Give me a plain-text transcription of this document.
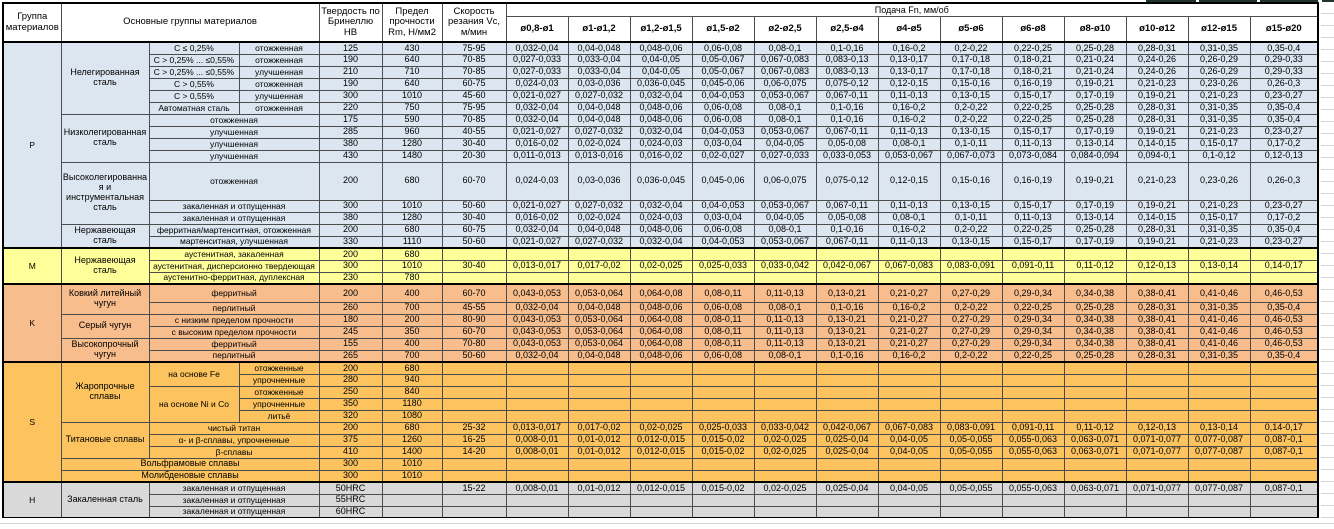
Группа материалов	Основные группы материалов			Твердость по Бринеллю HB	Предел прочности Rm, Н/мм2	Скорость резания Vc, м/мин	Подача Fn, мм/об												
							ø0,8-ø1	ø1-ø1,2	ø1,2-ø1,5	ø1,5-ø2	ø2-ø2,5	ø2,5-ø4	ø4-ø5	ø5-ø6	ø6-ø8	ø8-ø10	ø10-ø12	ø12-ø15	ø15-ø20
P	Нелегированная сталь	С ≤ 0,25%	отожженная	125	430	75-95	0,032-0,04	0,04-0,048	0,048-0,06	0,06-0,08	0,08-0,1	0,1-0,16	0,16-0,2	0,2-0,22	0,22-0,25	0,25-0,28	0,28-0,31	0,31-0,35	0,35-0,4
		С > 0,25% ... ≤0,55%	отожженная	190	640	70-85	0,027-0,033	0,033-0,04	0,04-0,05	0,05-0,067	0,067-0,083	0,083-0,13	0,13-0,17	0,17-0,18	0,18-0,21	0,21-0,24	0,24-0,26	0,26-0,29	0,29-0,33
		С > 0,25% ... ≤0,55%	улучшенная	210	710	70-85	0,027-0,033	0,033-0,04	0,04-0,05	0,05-0,067	0,067-0,083	0,083-0,13	0,13-0,17	0,17-0,18	0,18-0,21	0,21-0,24	0,24-0,26	0,26-0,29	0,29-0,33
		С > 0,55%	отожженная	190	640	60-75	0,024-0,03	0,03-0,036	0,036-0,045	0,045-0,06	0,06-0,075	0,075-0,12	0,12-0,15	0,15-0,16	0,16-0,19	0,19-0,21	0,21-0,23	0,23-0,26	0,26-0,3
		С > 0,55%	улучшенная	300	1010	45-60	0,021-0,027	0,027-0,032	0,032-0,04	0,04-0,053	0,053-0,067	0,067-0,11	0,11-0,13	0,13-0,15	0,15-0,17	0,17-0,19	0,19-0,21	0,21-0,23	0,23-0,27
		Автоматная сталь	отожженная	220	750	75-95	0,032-0,04	0,04-0,048	0,048-0,06	0,06-0,08	0,08-0,1	0,1-0,16	0,16-0,2	0,2-0,22	0,22-0,25	0,25-0,28	0,28-0,31	0,31-0,35	0,35-0,4
	Низколегированная сталь	отожженная		175	590	70-85	0,032-0,04	0,04-0,048	0,048-0,06	0,06-0,08	0,08-0,1	0,1-0,16	0,16-0,2	0,2-0,22	0,22-0,25	0,25-0,28	0,28-0,31	0,31-0,35	0,35-0,4
		улучшенная		285	960	40-55	0,021-0,027	0,027-0,032	0,032-0,04	0,04-0,053	0,053-0,067	0,067-0,11	0,11-0,13	0,13-0,15	0,15-0,17	0,17-0,19	0,19-0,21	0,21-0,23	0,23-0,27
		улучшенная		380	1280	30-40	0,016-0,02	0,02-0,024	0,024-0,03	0,03-0,04	0,04-0,05	0,05-0,08	0,08-0,1	0,1-0,11	0,11-0,13	0,13-0,14	0,14-0,15	0,15-0,17	0,17-0,2
		улучшенная		430	1480	20-30	0,011-0,013	0,013-0,016	0,016-0,02	0,02-0,027	0,027-0,033	0,033-0,053	0,053-0,067	0,067-0,073	0,073-0,084	0,084-0,094	0,094-0,1	0,1-0,12	0,12-0,13
	Высоколегированная и инструментальная сталь	отожженная		200	680	60-70	0,024-0,03	0,03-0,036	0,036-0,045	0,045-0,06	0,06-0,075	0,075-0,12	0,12-0,15	0,15-0,16	0,16-0,19	0,19-0,21	0,21-0,23	0,23-0,26	0,26-0,3
		закаленная и отпущенная		300	1010	50-60	0,021-0,027	0,027-0,032	0,032-0,04	0,04-0,053	0,053-0,067	0,067-0,11	0,11-0,13	0,13-0,15	0,15-0,17	0,17-0,19	0,19-0,21	0,21-0,23	0,23-0,27
		закаленная и отпущенная		380	1280	30-40	0,016-0,02	0,02-0,024	0,024-0,03	0,03-0,04	0,04-0,05	0,05-0,08	0,08-0,1	0,1-0,11	0,11-0,13	0,13-0,14	0,14-0,15	0,15-0,17	0,17-0,2
	Нержавеющая сталь	ферритная/мартенситная, отожженная		200	680	60-75	0,032-0,04	0,04-0,048	0,048-0,06	0,06-0,08	0,08-0,1	0,1-0,16	0,16-0,2	0,2-0,22	0,22-0,25	0,25-0,28	0,28-0,31	0,31-0,35	0,35-0,4
		мартенситная, улучшенная		330	1110	50-60	0,021-0,027	0,027-0,032	0,032-0,04	0,04-0,053	0,053-0,067	0,067-0,11	0,11-0,13	0,13-0,15	0,15-0,17	0,17-0,19	0,19-0,21	0,21-0,23	0,23-0,27
M	Нержавеющая сталь	аустенитная, закаленная		200	680														
		аустенитная, дисперсионно твердеющая		300	1010	30-40	0,013-0,017	0,017-0,02	0,02-0,025	0,025-0,033	0,033-0,042	0,042-0,067	0,067-0,083	0,083-0,091	0,091-0,11	0,11-0,12	0,12-0,13	0,13-0,14	0,14-0,17
		аустенитно-ферритная, дуплексная		230	780														
K	Ковкий литейный чугун	ферритный		200	400	60-70	0,043-0,053	0,053-0,064	0,064-0,08	0,08-0,11	0,11-0,13	0,13-0,21	0,21-0,27	0,27-0,29	0,29-0,34	0,34-0,38	0,38-0,41	0,41-0,46	0,46-0,53
		перлитный		260	700	45-55	0,032-0,04	0,04-0,048	0,048-0,06	0,06-0,08	0,08-0,1	0,1-0,16	0,16-0,2	0,2-0,22	0,22-0,25	0,25-0,28	0,28-0,31	0,31-0,35	0,35-0,4
	Серый чугун	с низким пределом прочности		180	200	80-90	0,043-0,053	0,053-0,064	0,064-0,08	0,08-0,11	0,11-0,13	0,13-0,21	0,21-0,27	0,27-0,29	0,29-0,34	0,34-0,38	0,38-0,41	0,41-0,46	0,46-0,53
		с высоким пределом прочности		245	350	60-70	0,043-0,053	0,053-0,064	0,064-0,08	0,08-0,11	0,11-0,13	0,13-0,21	0,21-0,27	0,27-0,29	0,29-0,34	0,34-0,38	0,38-0,41	0,41-0,46	0,46-0,53
	Высокопрочный чугун	ферритный		155	400	70-80	0,043-0,053	0,053-0,064	0,064-0,08	0,08-0,11	0,11-0,13	0,13-0,21	0,21-0,27	0,27-0,29	0,29-0,34	0,34-0,38	0,38-0,41	0,41-0,46	0,46-0,53
		перлитный		265	700	50-60	0,032-0,04	0,04-0,048	0,048-0,06	0,06-0,08	0,08-0,1	0,1-0,16	0,16-0,2	0,2-0,22	0,22-0,25	0,25-0,28	0,28-0,31	0,31-0,35	0,35-0,4
S	Жаропрочные сплавы	на основе Fe	отожженные	200	680														
			упрочненные	280	940														
		на основе Ni и Co	отожженные	250	840														
			упрочненные	350	1180														
			литьё	320	1080														
	Титановые сплавы	чистый титан		200	680	25-32	0,013-0,017	0,017-0,02	0,02-0,025	0,025-0,033	0,033-0,042	0,042-0,067	0,067-0,083	0,083-0,091	0,091-0,11	0,11-0,12	0,12-0,13	0,13-0,14	0,14-0,17
		α- и β-сплавы, упрочненные		375	1260	16-25	0,008-0,01	0,01-0,012	0,012-0,015	0,015-0,02	0,02-0,025	0,025-0,04	0,04-0,05	0,05-0,055	0,055-0,063	0,063-0,071	0,071-0,077	0,077-0,087	0,087-0,1
		β-сплавы		410	1400	14-20	0,008-0,01	0,01-0,012	0,012-0,015	0,015-0,02	0,02-0,025	0,025-0,04	0,04-0,05	0,05-0,055	0,055-0,063	0,063-0,071	0,071-0,077	0,077-0,087	0,087-0,1
	Вольфрамовые сплавы			300	1010														
	Молибденовые сплавы			300	1010														
H	Закаленная сталь	закаленная и отпущенная		50HRC		15-22	0,008-0,01	0,01-0,012	0,012-0,015	0,015-0,02	0,02-0,025	0,025-0,04	0,04-0,05	0,05-0,055	0,055-0,063	0,063-0,071	0,071-0,077	0,077-0,087	0,087-0,1
		закаленная и отпущенная		55HRC															
		закаленная и отпущенная		60HRC															
